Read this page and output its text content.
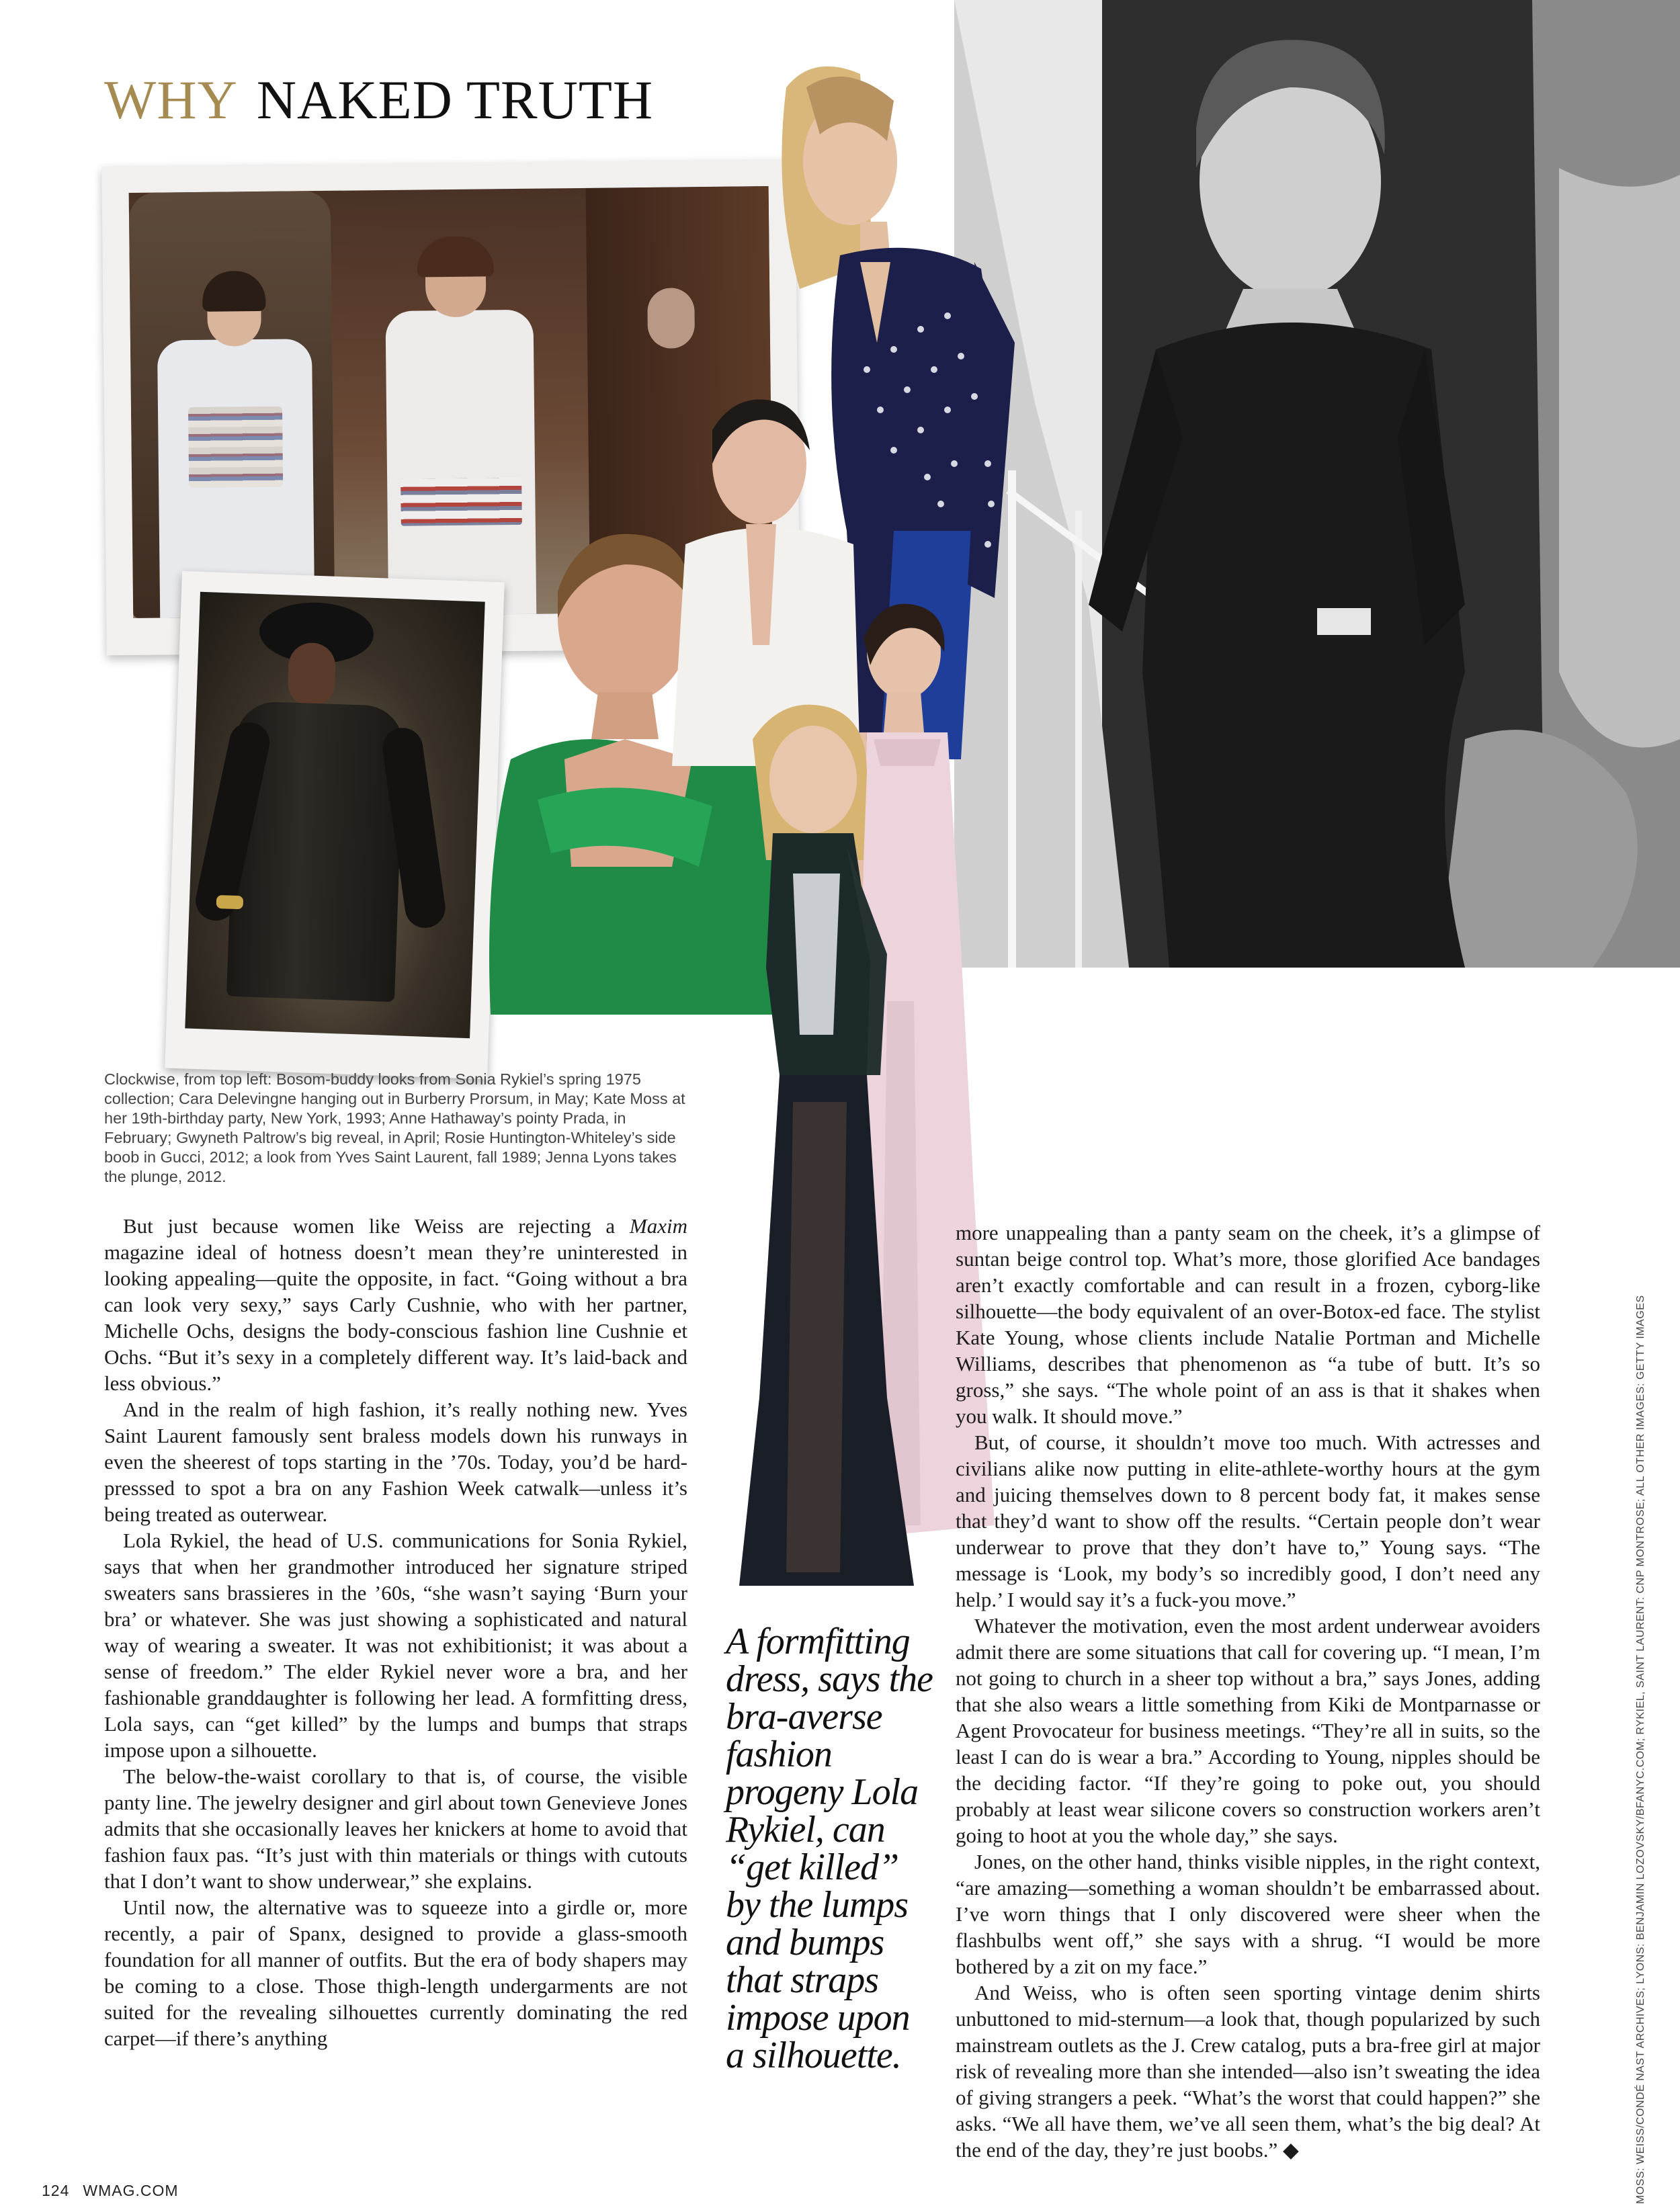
WHY NAKED TRUTH
Clockwise, from top left: Bosom-buddy looks from Sonia Rykiel’s spring 1975 collection; Cara Delevingne hanging out in Burberry Prorsum, in May; Kate Moss at her 19th-birthday party, New York, 1993; Anne Hathaway’s pointy Prada, in February; Gwyneth Paltrow’s big reveal, in April; Rosie Huntington-Whiteley’s side boob in Gucci, 2012; a look from Yves Saint Laurent, fall 1989; Jenna Lyons takes the plunge, 2012.

But just because women like Weiss are rejecting a Maxim magazine ideal of hotness doesn’t mean they’re uninterested in looking appealing—quite the opposite, in fact. “Going without a bra can look very sexy,” says Carly Cushnie, who with her partner, Michelle Ochs, designs the body-conscious fashion line Cushnie et Ochs. “But it’s sexy in a completely different way. It’s laid-back and less obvious.”

And in the realm of high fashion, it’s really nothing new. Yves Saint Laurent famously sent braless models down his runways in even the sheerest of tops starting in the ’70s. Today, you’d be hard-presssed to spot a bra on any Fashion Week catwalk—unless it’s being treated as outerwear.

Lola Rykiel, the head of U.S. communications for Sonia Rykiel, says that when her grandmother introduced her signature striped sweaters sans brassieres in the ’60s, “she wasn’t saying ‘Burn your bra’ or whatever. She was just showing a sophisticated and natural way of wearing a sweater. It was not exhibitionist; it was about a sense of freedom.” The elder Rykiel never wore a bra, and her fashionable granddaughter is following her lead. A formfitting dress, Lola says, can “get killed” by the lumps and bumps that straps impose upon a silhouette.

The below-the-waist corollary to that is, of course, the visible panty line. The jewelry designer and girl about town Genevieve Jones admits that she occasionally leaves her knickers at home to avoid that fashion faux pas. “It’s just with thin materials or things with cutouts that I don’t want to show underwear,” she explains.

Until now, the alternative was to squeeze into a girdle or, more recently, a pair of Spanx, designed to provide a glass-smooth foundation for all manner of outfits. But the era of body shapers may be coming to a close. Those thigh-length undergarments are not suited for the revealing silhouettes currently dominating the red carpet—if there’s anything

A formfitting dress, says the bra-averse fashion progeny Lola Rykiel, can “get killed” by the lumps and bumps that straps impose upon a silhouette.

more unappealing than a panty seam on the cheek, it’s a glimpse of suntan beige control top. What’s more, those glorified Ace bandages aren’t exactly comfortable and can result in a frozen, cyborg-like silhouette—the body equivalent of an over-Botox-ed face. The stylist Kate Young, whose clients include Natalie Portman and Michelle Williams, describes that phenomenon as “a tube of butt. It’s so gross,” she says. “The whole point of an ass is that it shakes when you walk. It should move.”

But, of course, it shouldn’t move too much. With actresses and civilians alike now putting in elite-athlete-worthy hours at the gym and juicing themselves down to 8 percent body fat, it makes sense that they’d want to show off the results. “Certain people don’t wear underwear to prove that they don’t have to,” Young says. “The message is ‘Look, my body’s so incredibly good, I don’t need any help.’ I would say it’s a fuck-you move.”

Whatever the motivation, even the most ardent underwear avoiders admit there are some situations that call for covering up. “I mean, I’m not going to church in a sheer top without a bra,” says Jones, adding that she also wears a little something from Kiki de Montparnasse or Agent Provocateur for business meetings. “They’re all in suits, so the least I can do is wear a bra.” According to Young, nipples should be the deciding factor. “If they’re going to poke out, you should probably at least wear silicone covers so construction workers aren’t going to hoot at you the whole day,” she says.

Jones, on the other hand, thinks visible nipples, in the right context, “are amazing—something a woman shouldn’t be embarrassed about. I’ve worn things that I only discovered were sheer when the flashbulbs went off,” she says with a shrug. “I would be more bothered by a zit on my face.”

And Weiss, who is often seen sporting vintage denim shirts unbuttoned to mid-sternum—a look that, though popularized by such mainstream outlets as the J. Crew catalog, puts a bra-free girl at major risk of revealing more than she intended—also isn’t sweating the idea of giving strangers a peek. “What’s the worst that could happen?” she asks. “We all have them, we’ve all seen them, what’s the big deal? At the end of the day, they’re just boobs.” ◆	MOSS: WEISS/CONDÉ NAST ARCHIVES; LYONS: BENJAMIN LOZOVSKY/BFANYC.COM; RYKIEL, SAINT LAURENT: CNP MONTROSE; ALL OTHER IMAGES: GETTY IMAGES
124 WMAG.COM
